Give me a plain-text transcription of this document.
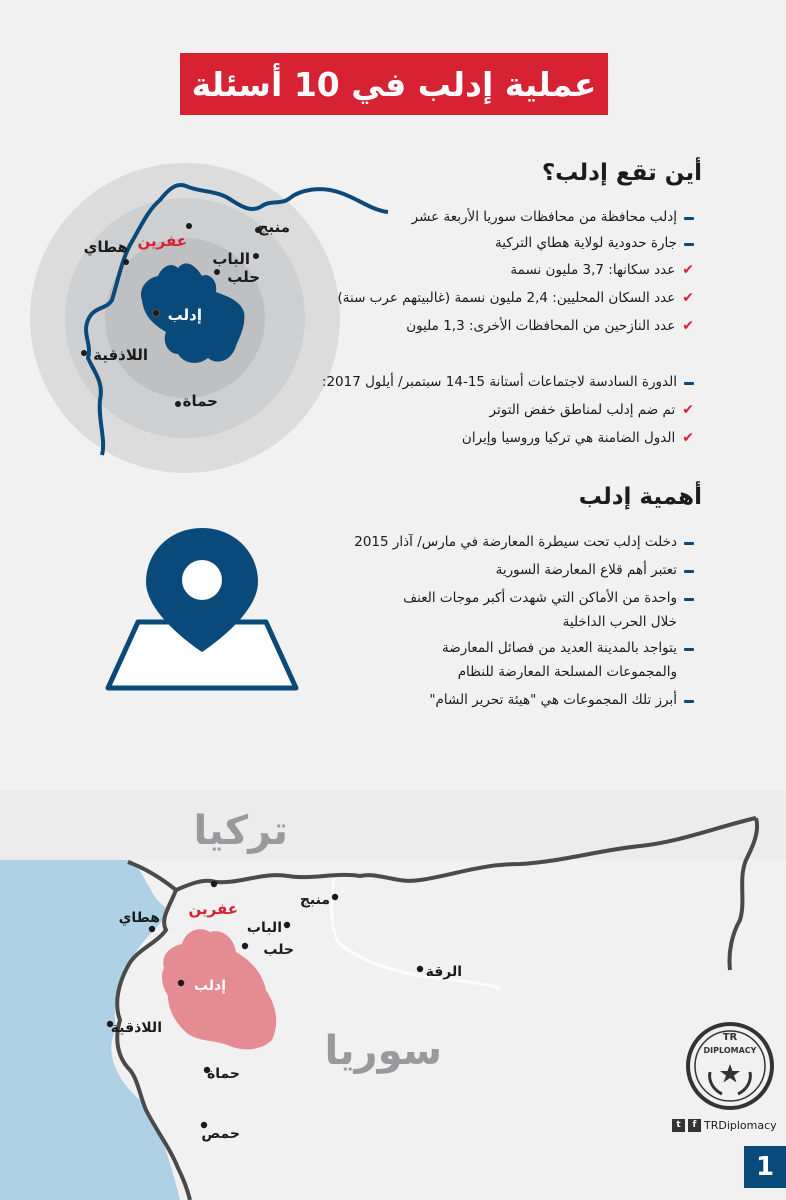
عملية إدلب في 10 أسئلة
منبج
عفرين
هطاي
الباب
حلب
إدلب
اللاذقية
حماة
أين تقع إدلب؟
إدلب محافظة من محافظات سوريا الأربعة عشر
جارة حدودية لولاية هطاي التركية
✔
عدد سكانها: 3,7 مليون نسمة
✔
عدد السكان المحليين: 2,4 مليون نسمة (غالبيتهم عرب سنة)
✔
عدد النازحين من المحافظات الأخرى: 1,3 مليون
الدورة السادسة لاجتماعات أستانة 15-14 سبتمبر/ أيلول 2017:
✔
تم ضم إدلب لمناطق خفض التوتر
✔
الدول الضامنة هي تركيا وروسيا وإيران
أهمية إدلب
دخلت إدلب تحت سيطرة المعارضة في مارس/ آذار 2015
تعتبر أهم قلاع المعارضة السورية
واحدة من الأماكن التي شهدت أكبر موجات العنف خلال الحرب الداخلية
يتواجد بالمدينة العديد من فصائل المعارضة والمجموعات المسلحة المعارضة للنظام
أبرز تلك المجموعات هي "هيئة تحرير الشام"
تركيا
سوريا
عفرين	منبج
هطاي
الباب
حلب
الرقة
إدلب
اللاذقية
حماة
حمص
TR
DIPLOMACY
t	f TRDiplomacy
1
